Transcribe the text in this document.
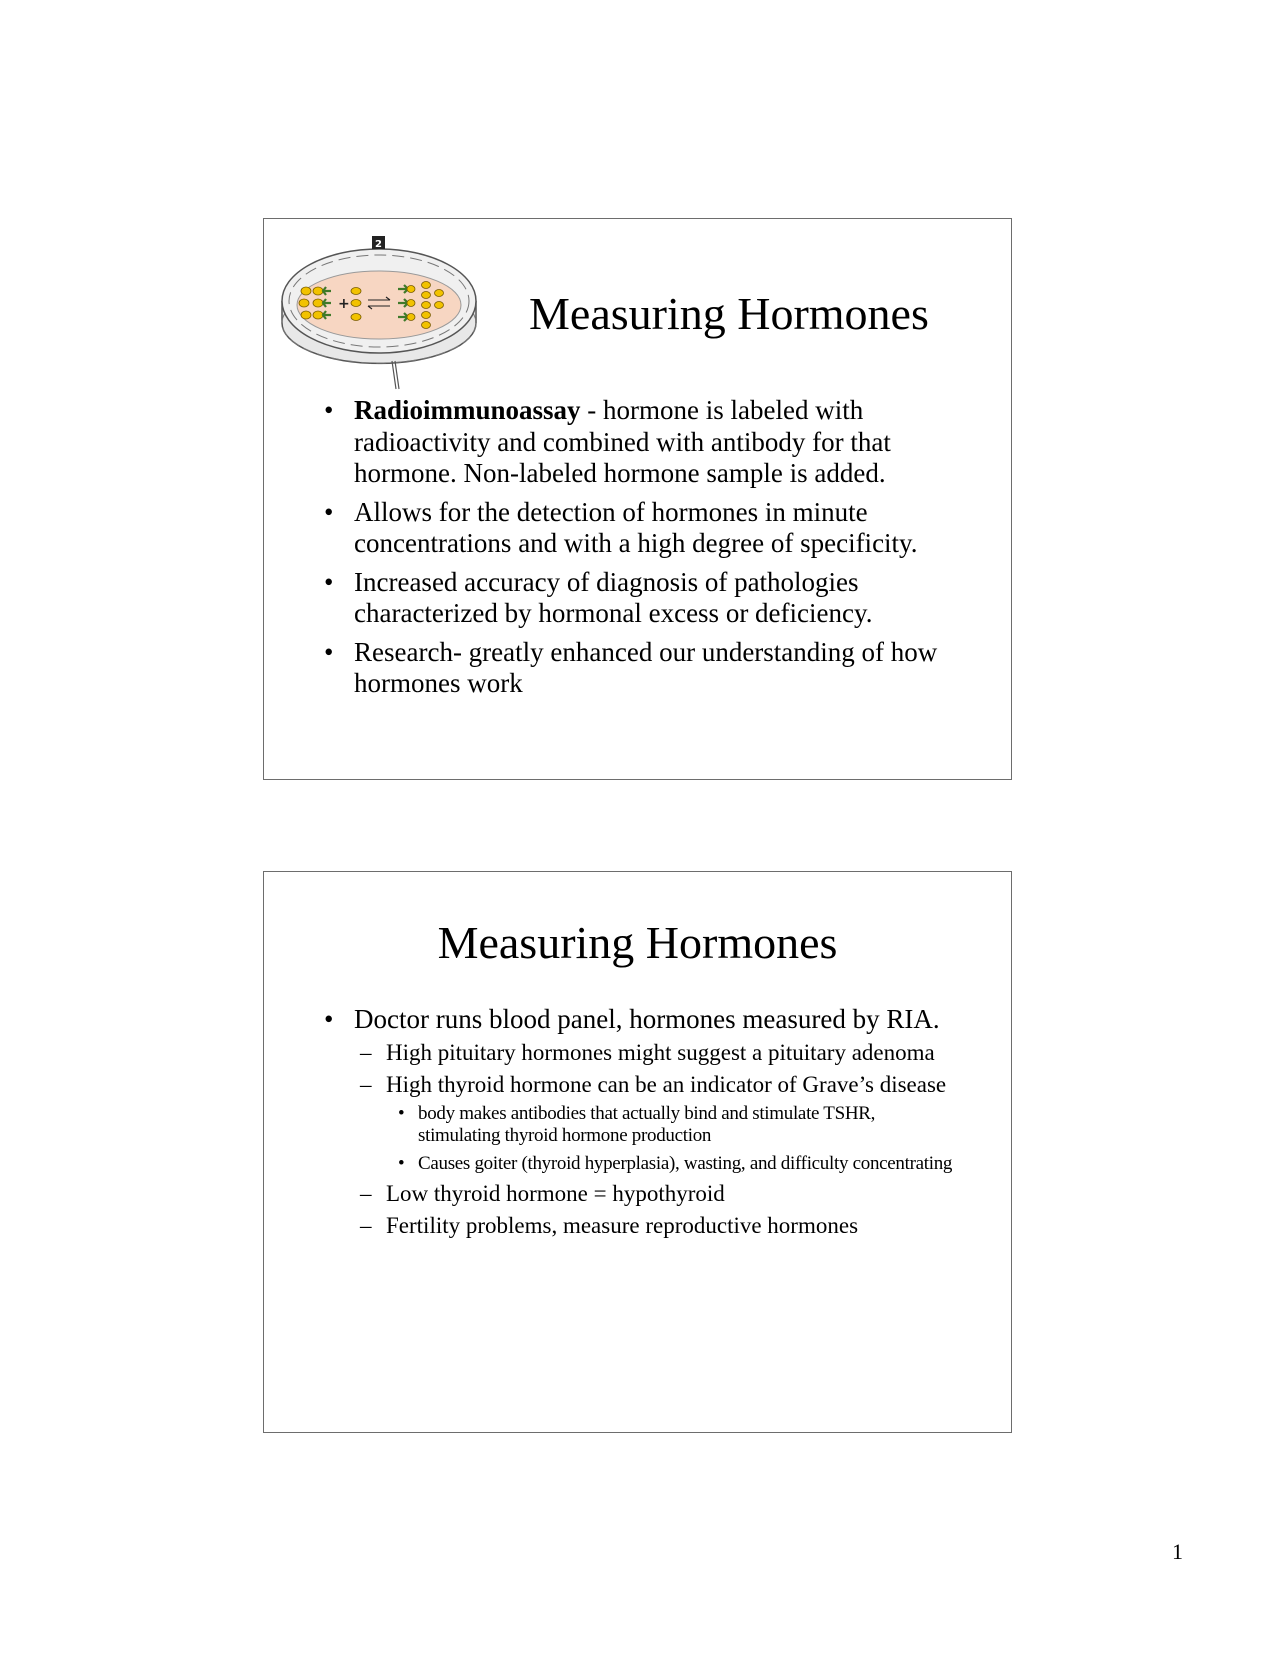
2
+	Measuring Hormones
• Radioimmunoassay - hormone is labeled with radioactivity and combined with antibody for that hormone. Non-labeled hormone sample is added.
• Allows for the detection of hormones in minute concentrations and with a high degree of specificity.
• Increased accuracy of diagnosis of pathologies characterized by hormonal excess or deficiency.
• Research- greatly enhanced our understanding of how hormones work
Measuring Hormones
• Doctor runs blood panel, hormones measured by RIA.
– High pituitary hormones might suggest a pituitary adenoma
– High thyroid hormone can be an indicator of Grave’s disease
• body makes antibodies that actually bind and stimulate TSHR, stimulating thyroid hormone production
• Causes goiter (thyroid hyperplasia), wasting, and difficulty concentrating
– Low thyroid hormone = hypothyroid
– Fertility problems, measure reproductive hormones
1
